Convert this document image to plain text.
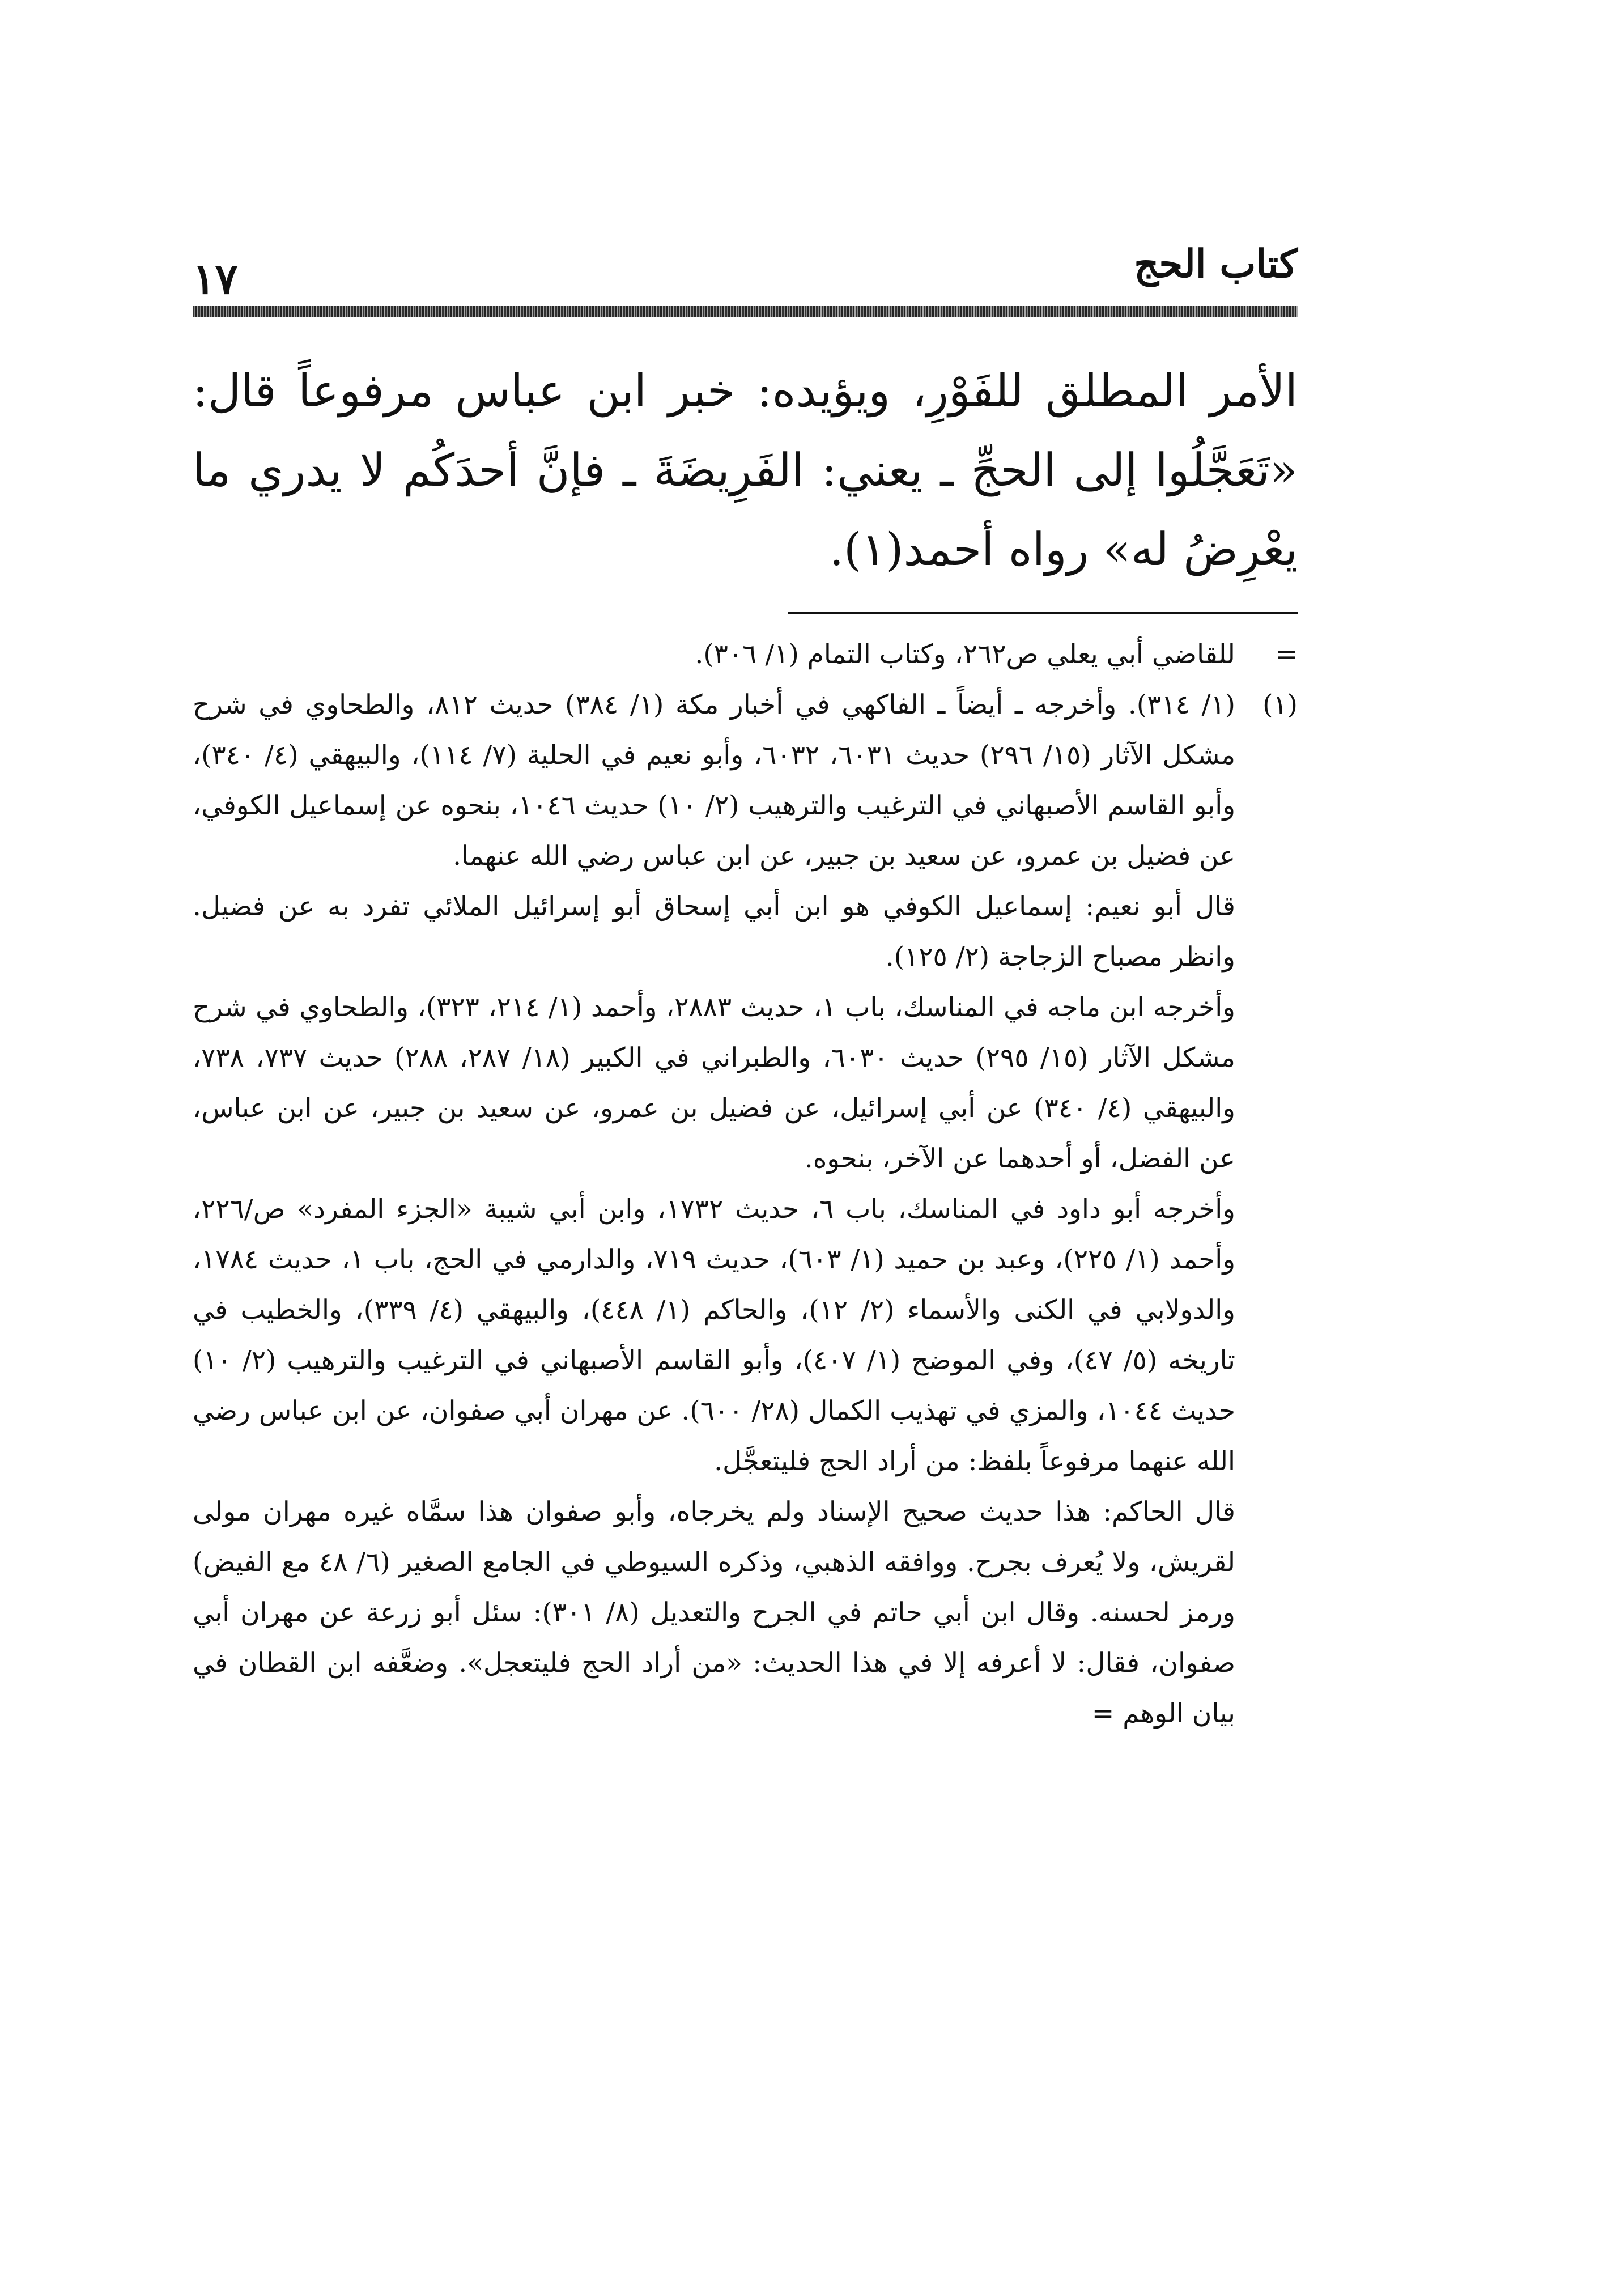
١٧	كتاب الحج

الأمر المطلق للفَوْرِ، ويؤيده: خبر ابن عباس مرفوعاً قال: «تَعَجَّلُوا إلى الحجِّ ـ يعني: الفَرِيضَةَ ـ فإنَّ أحدَكُم لا يدري ما يعْرِضُ له» رواه أحمد(١).

=
للقاضي أبي يعلي ص٢٦٢، وكتاب التمام (١/ ٣٠٦).

(١)
(١/ ٣١٤). وأخرجه ـ أيضاً ـ الفاكهي في أخبار مكة (١/ ٣٨٤) حديث ٨١٢، والطحاوي في شرح مشكل الآثار (١٥/ ٢٩٦) حديث ٦٠٣١، ٦٠٣٢، وأبو نعيم في الحلية (٧/ ١١٤)، والبيهقي (٤/ ٣٤٠)، وأبو القاسم الأصبهاني في الترغيب والترهيب (٢/ ١٠) حديث ١٠٤٦، بنحوه عن إسماعيل الكوفي، عن فضيل بن عمرو، عن سعيد بن جبير، عن ابن عباس رضي الله عنهما.

قال أبو نعيم: إسماعيل الكوفي هو ابن أبي إسحاق أبو إسرائيل الملائي تفرد به عن فضيل. وانظر مصباح الزجاجة (٢/ ١٢٥).

وأخرجه ابن ماجه في المناسك، باب ١، حديث ٢٨٨٣، وأحمد (١/ ٢١٤، ٣٢٣)، والطحاوي في شرح مشكل الآثار (١٥/ ٢٩٥) حديث ٦٠٣٠، والطبراني في الكبير (١٨/ ٢٨٧، ٢٨٨) حديث ٧٣٧، ٧٣٨، والبيهقي (٤/ ٣٤٠) عن أبي إسرائيل، عن فضيل بن عمرو، عن سعيد بن جبير، عن ابن عباس، عن الفضل، أو أحدهما عن الآخر، بنحوه.

وأخرجه أبو داود في المناسك، باب ٦، حديث ١٧٣٢، وابن أبي شيبة «الجزء المفرد» ص/٢٢٦، وأحمد (١/ ٢٢٥)، وعبد بن حميد (١/ ٦٠٣)، حديث ٧١٩، والدارمي في الحج، باب ١، حديث ١٧٨٤، والدولابي في الكنى والأسماء (٢/ ١٢)، والحاكم (١/ ٤٤٨)، والبيهقي (٤/ ٣٣٩)، والخطيب في تاريخه (٥/ ٤٧)، وفي الموضح (١/ ٤٠٧)، وأبو القاسم الأصبهاني في الترغيب والترهيب (٢/ ١٠) حديث ١٠٤٤، والمزي في تهذيب الكمال (٢٨/ ٦٠٠). عن مهران أبي صفوان، عن ابن عباس رضي الله عنهما مرفوعاً بلفظ: من أراد الحج فليتعجَّل.

قال الحاكم: هذا حديث صحيح الإسناد ولم يخرجاه، وأبو صفوان هذا سمَّاه غيره مهران مولى لقريش، ولا يُعرف بجرح. ووافقه الذهبي، وذكره السيوطي في الجامع الصغير (٦/ ٤٨ مع الفيض) ورمز لحسنه. وقال ابن أبي حاتم في الجرح والتعديل (٨/ ٣٠١): سئل أبو زرعة عن مهران أبي صفوان، فقال: لا أعرفه إلا في هذا الحديث: «من أراد الحج فليتعجل». وضعَّفه ابن القطان في بيان الوهم =
